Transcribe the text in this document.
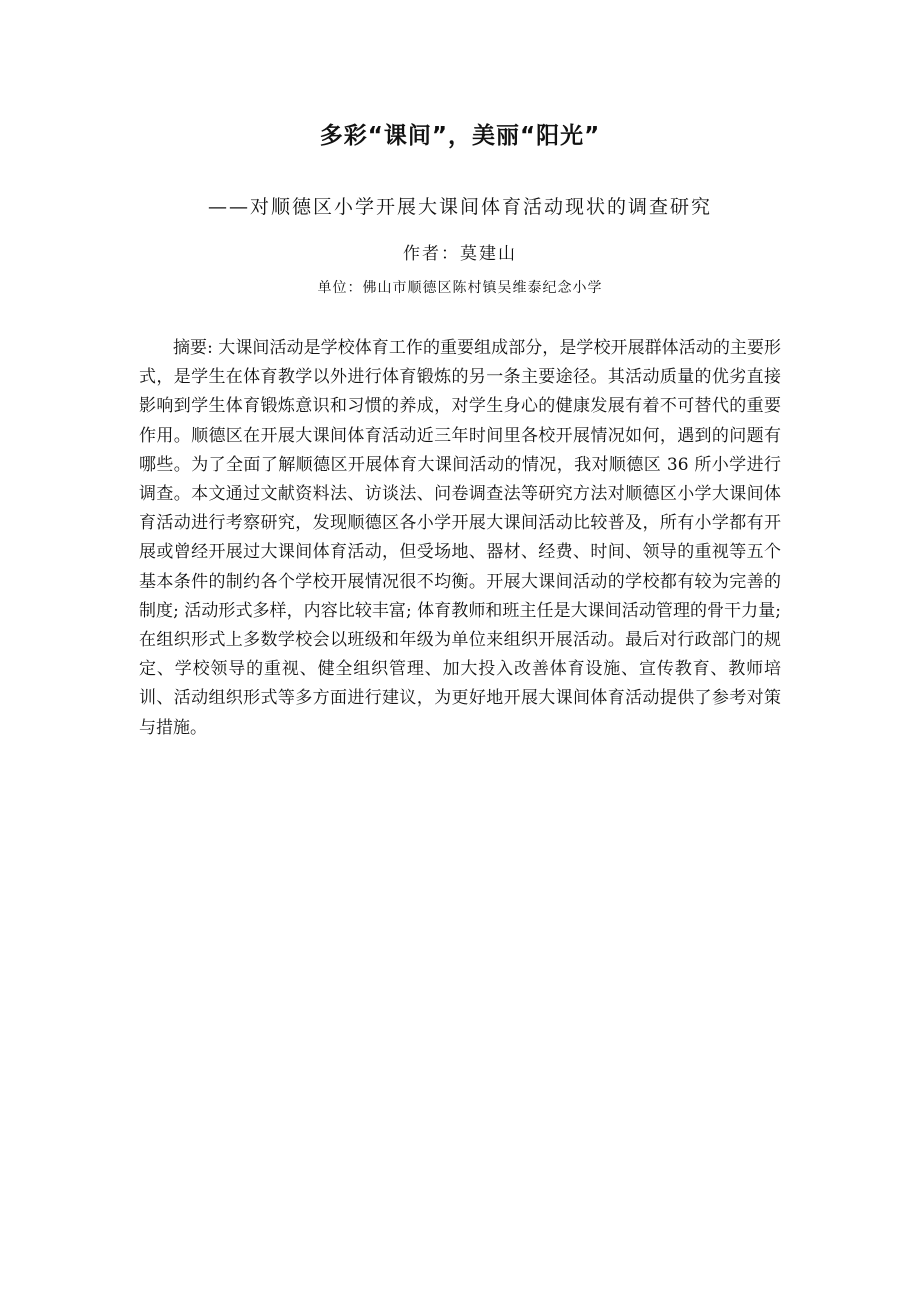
多彩“课间”，美丽“阳光”
——对顺德区小学开展大课间体育活动现状的调查研究
作者：莫建山
单位：佛山市顺德区陈村镇吴维泰纪念小学

摘要: 大课间活动是学校体育工作的重要组成部分，是学校开展群体活动的主要形式，是学生在体育教学以外进行体育锻炼的另一条主要途径。其活动质量的优劣直接影响到学生体育锻炼意识和习惯的养成，对学生身心的健康发展有着不可替代的重要作用。顺德区在开展大课间体育活动近三年时间里各校开展情况如何，遇到的问题有哪些。为了全面了解顺德区开展体育大课间活动的情况，我对顺德区 36 所小学进行调查。本文通过文献资料法、访谈法、问卷调查法等研究方法对顺德区小学大课间体育活动进行考察研究，发现顺德区各小学开展大课间活动比较普及，所有小学都有开展或曾经开展过大课间体育活动，但受场地、器材、经费、时间、领导的重视等五个基本条件的制约各个学校开展情况很不均衡。开展大课间活动的学校都有较为完善的制度; 活动形式多样，内容比较丰富; 体育教师和班主任是大课间活动管理的骨干力量; 在组织形式上多数学校会以班级和年级为单位来组织开展活动。最后对行政部门的规定、学校领导的重视、健全组织管理、加大投入改善体育设施、宣传教育、教师培训、活动组织形式等多方面进行建议，为更好地开展大课间体育活动提供了参考对策与措施。
